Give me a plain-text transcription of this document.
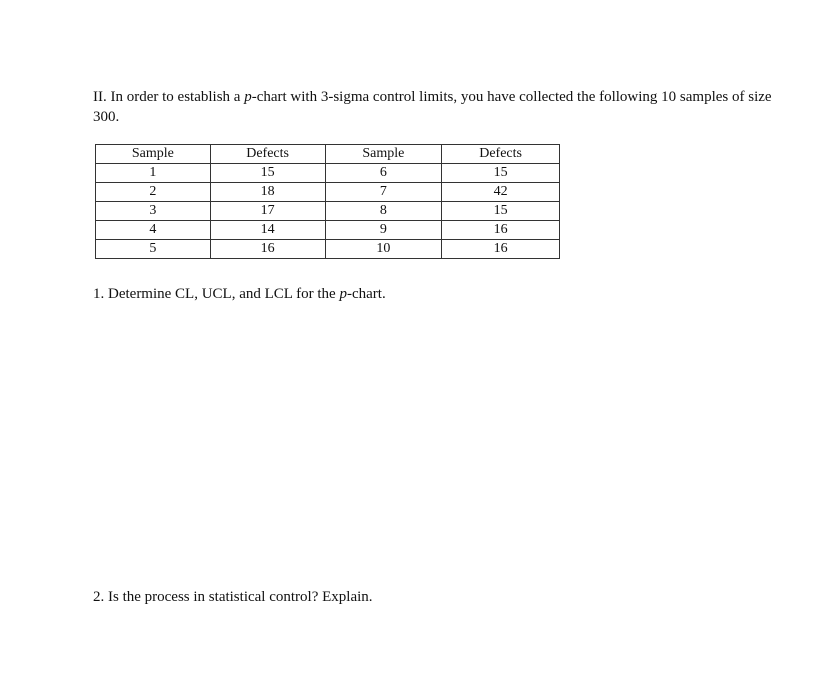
II. In order to establish a p-chart with 3-sigma control limits, you have collected the following 10 samples of size 300.

Sample	Defects	Sample	Defects
1	15	6	15
2	18	7	42
3	17	8	15
4	14	9	16
5	16	10	16

1. Determine CL, UCL, and LCL for the p-chart.

2. Is the process in statistical control? Explain.
